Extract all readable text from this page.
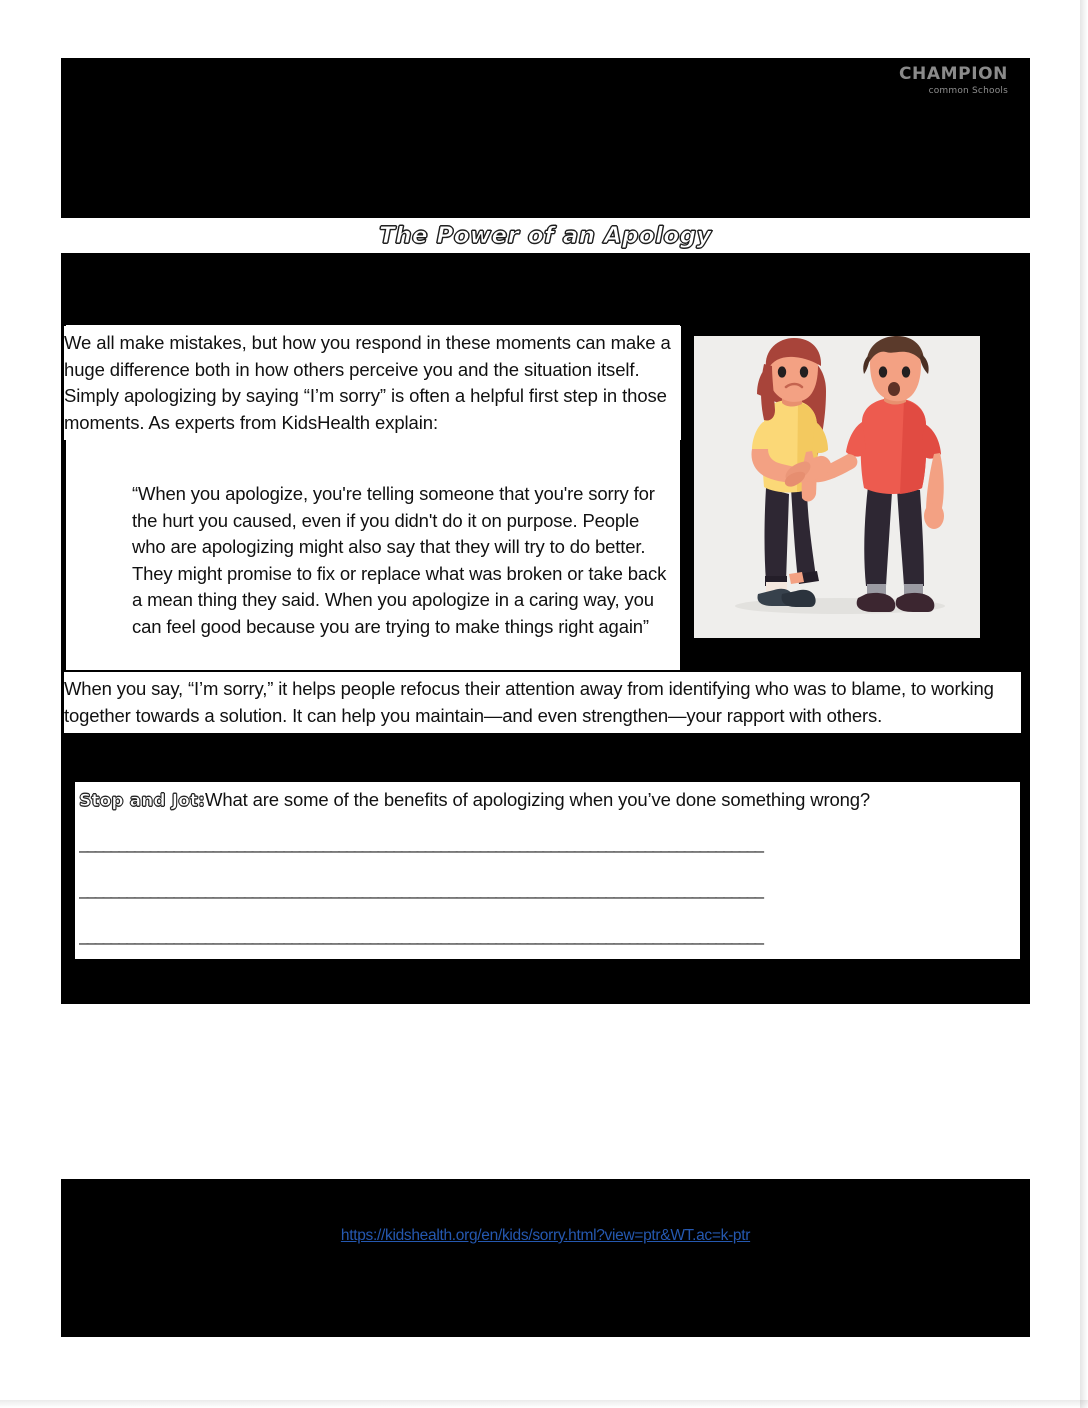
CHAMPION
common Schools
The Power of an Apology

We all make mistakes, but how you respond in these moments can make a huge difference both in how others perceive you and the situation itself. Simply apologizing by saying “I’m sorry” is often a helpful first step in those moments. As experts from KidsHealth explain:

“When you apologize, you're telling someone that you're sorry for the hurt you caused, even if you didn't do it on purpose. People who are apologizing might also say that they will try to do better. They might promise to fix or replace what was broken or take back a mean thing they said. When you apologize in a caring way, you can feel good because you are trying to make things right again”

When you say, “I’m sorry,” it helps people refocus their attention away from identifying who was to blame, to working together towards a solution. It can help you maintain—and even strengthen—your rapport with others.

Stop and Jot:What are some of the benefits of apologizing when you’ve done something wrong?
_______________________________________________________________________________________
_______________________________________________________________________________________
_______________________________________________________________________________________
https://kidshealth.org/en/kids/sorry.html?view=ptr&WT.ac=k-ptr
